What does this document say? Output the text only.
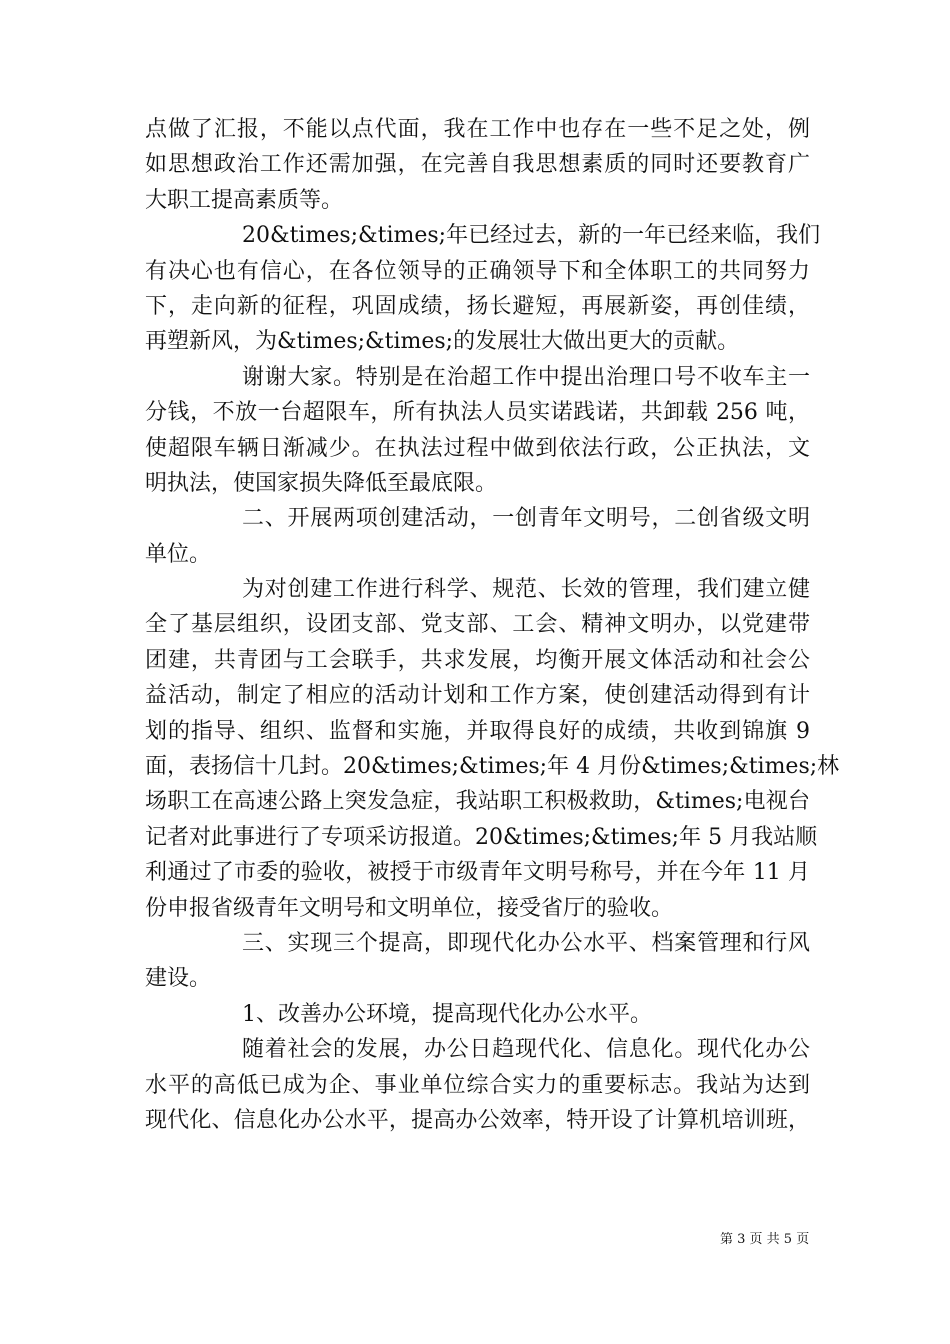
点做了汇报，不能以点代面，我在工作中也存在一些不足之处，例
如思想政治工作还需加强，在完善自我思想素质的同时还要教育广
大职工提高素质等。
20&times;&times;年已经过去，新的一年已经来临，我们
有决心也有信心，在各位领导的正确领导下和全体职工的共同努力
下，走向新的征程，巩固成绩，扬长避短，再展新姿，再创佳绩，
再塑新风，为&times;&times;的发展壮大做出更大的贡献。
谢谢大家。特别是在治超工作中提出治理口号不收车主一
分钱，不放一台超限车，所有执法人员实诺践诺，共卸载 256 吨，
使超限车辆日渐减少。在执法过程中做到依法行政，公正执法，文
明执法，使国家损失降低至最底限。
二、开展两项创建活动，一创青年文明号，二创省级文明
单位。
为对创建工作进行科学、规范、长效的管理，我们建立健
全了基层组织，设团支部、党支部、工会、精神文明办，以党建带
团建，共青团与工会联手，共求发展，均衡开展文体活动和社会公
益活动，制定了相应的活动计划和工作方案，使创建活动得到有计
划的指导、组织、监督和实施，并取得良好的成绩，共收到锦旗 9
面，表扬信十几封。20&times;&times;年 4 月份&times;&times;林
场职工在高速公路上突发急症，我站职工积极救助，&times;电视台
记者对此事进行了专项采访报道。20&times;&times;年 5 月我站顺
利通过了市委的验收，被授于市级青年文明号称号，并在今年 11 月
份申报省级青年文明号和文明单位，接受省厅的验收。
三、实现三个提高，即现代化办公水平、档案管理和行风
建设。
1、改善办公环境，提高现代化办公水平。
随着社会的发展，办公日趋现代化、信息化。现代化办公
水平的高低已成为企、事业单位综合实力的重要标志。我站为达到
现代化、信息化办公水平，提高办公效率，特开设了计算机培训班，
第 3 页 共 5 页
